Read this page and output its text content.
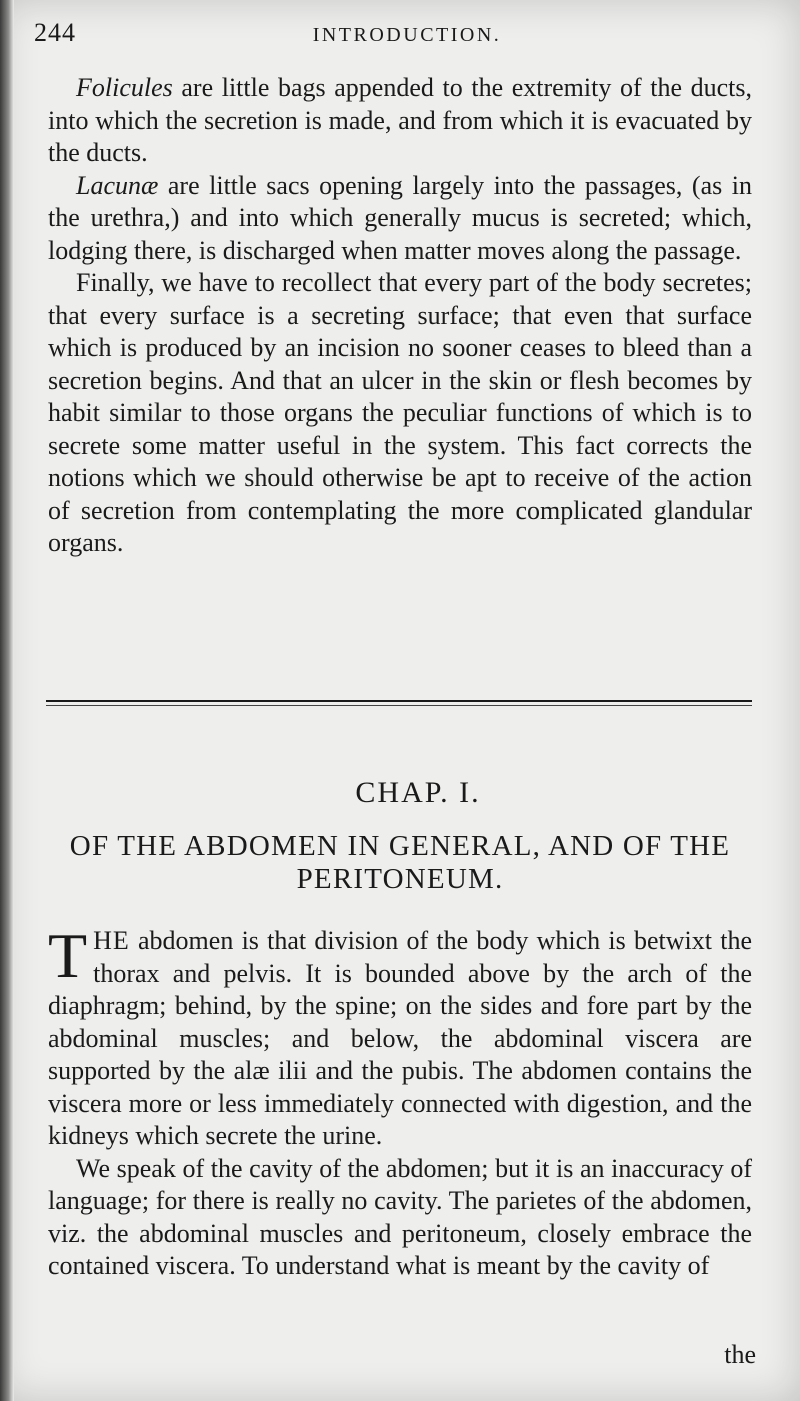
244	INTRODUCTION.

Folicules are little bags appended to the extremity of the ducts, into which the secretion is made, and from which it is evacuated by the ducts.

Lacunæ are little sacs opening largely into the passages, (as in the urethra,) and into which generally mucus is secreted; which, lodging there, is discharged when matter moves along the passage.

Finally, we have to recollect that every part of the body secretes; that every surface is a secreting surface; that even that surface which is produced by an incision no sooner ceases to bleed than a secretion begins. And that an ulcer in the skin or flesh becomes by habit similar to those organs the peculiar functions of which is to secrete some matter useful in the system. This fact corrects the notions which we should otherwise be apt to receive of the action of secretion from contemplating the more complicated glandular organs.

CHAP. I.
OF THE ABDOMEN IN GENERAL, AND OF THE PERITONEUM.

THE abdomen is that division of the body which is betwixt the thorax and pelvis. It is bounded above by the arch of the diaphragm; behind, by the spine; on the sides and fore part by the abdominal muscles; and below, the abdominal viscera are supported by the alæ ilii and the pubis. The abdomen contains the viscera more or less immediately connected with digestion, and the kidneys which secrete the urine.

We speak of the cavity of the abdomen; but it is an inaccuracy of language; for there is really no cavity. The parietes of the abdomen, viz. the abdominal muscles and peritoneum, closely embrace the contained viscera. To understand what is meant by the cavity of

the
